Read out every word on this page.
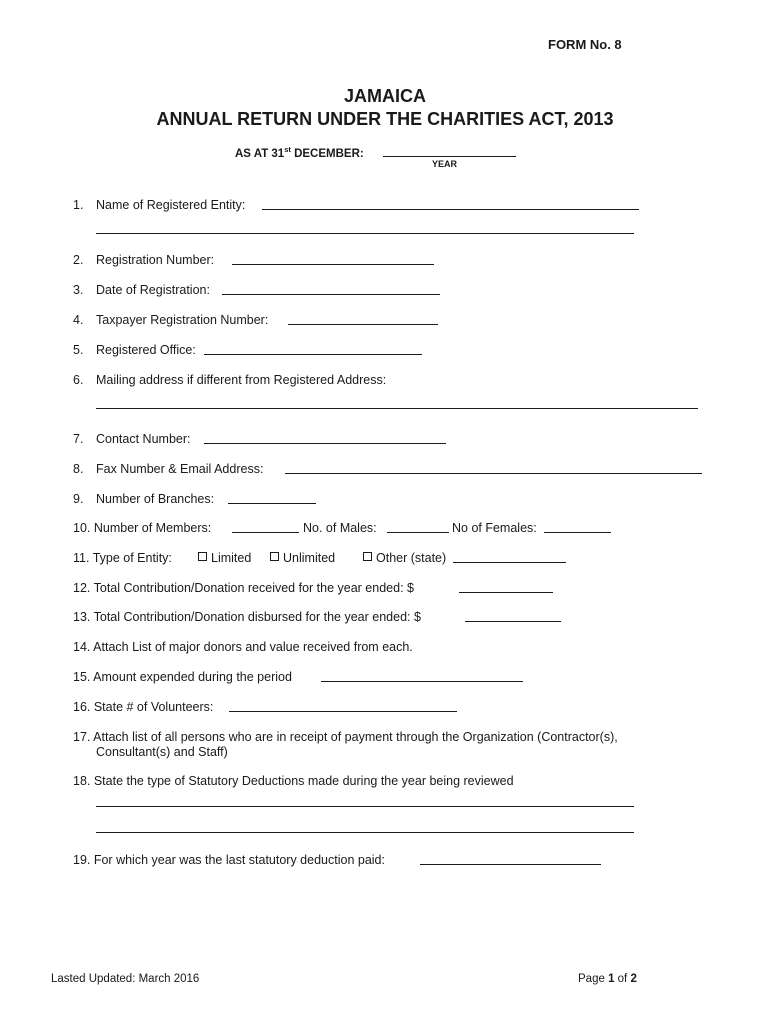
FORM No. 8
JAMAICA
ANNUAL RETURN UNDER THE CHARITIES ACT, 2013
AS AT 31st DECEMBER:
YEAR
1. Name of Registered Entity:
2. Registration Number:
3. Date of Registration:
4. Taxpayer Registration Number:
5. Registered Office:
6. Mailing address if different from Registered Address:
7. Contact Number:
8. Fax Number & Email Address:
9. Number of Branches:
10. Number of Members:	No. of Males:	No of Females:
11. Type of Entity:	Limited	Unlimited	Other (state)
12. Total Contribution/Donation received for the year ended: $
13. Total Contribution/Donation disbursed for the year ended: $
14. Attach List of major donors and value received from each.
15. Amount expended during the period
16. State # of Volunteers:
17. Attach list of all persons who are in receipt of payment through the Organization (Contractor(s),
Consultant(s) and Staff)
18. State the type of Statutory Deductions made during the year being reviewed
19. For which year was the last statutory deduction paid:
Lasted Updated: March 2016	Page 1 of 2
